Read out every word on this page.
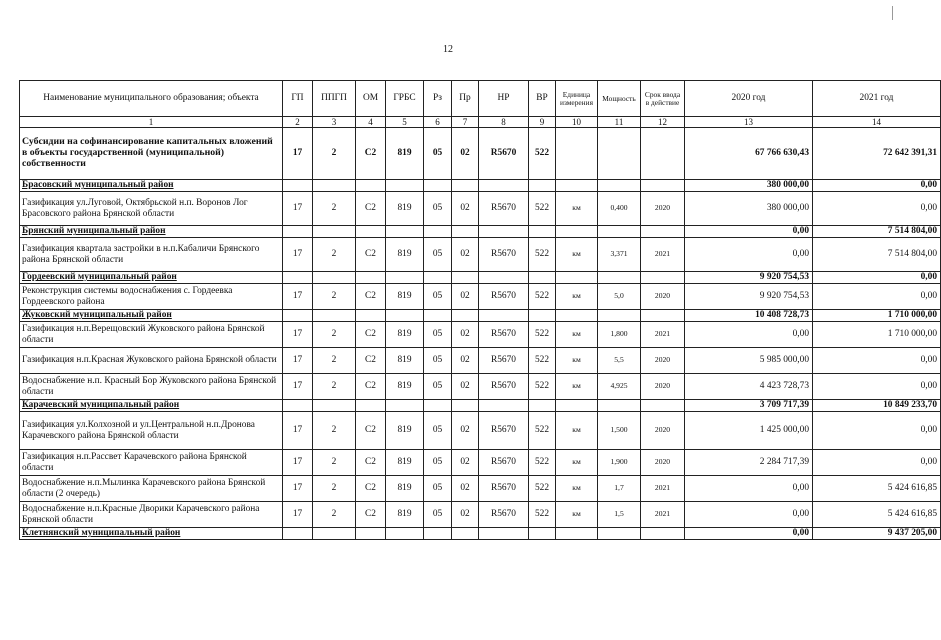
12
Наименование муниципального образования; объекта	ГП	ППГП	ОМ	ГРБС	Рз	Пр	НР	ВР	Единица измерения	Мощность	Срок ввода в действие	2020 год	2021 год
1	2	3	4	5	6	7	8	9	10	11	12	13	14
Субсидии на софинансирование капитальных вложений в объекты государственной (муниципальной) собственности	17	2	С2	819	05	02	R5670	522				67 766 630,43	72 642 391,31
Брасовский муниципальный район												380 000,00	0,00
Газификация ул.Луговой, Октябрьской н.п. Воронов Лог Брасовского района Брянской области	17	2	С2	819	05	02	R5670	522	км	0,400	2020	380 000,00	0,00
Брянский муниципальный район												0,00	7 514 804,00
Газификация квартала застройки в н.п.Кабаличи Брянского района Брянской области	17	2	С2	819	05	02	R5670	522	км	3,371	2021	0,00	7 514 804,00
Гордеевский муниципальный район												9 920 754,53	0,00
Реконструкция системы водоснабжения с. Гордеевка Гордеевского района	17	2	С2	819	05	02	R5670	522	км	5,0	2020	9 920 754,53	0,00
Жуковский муниципальный район												10 408 728,73	1 710 000,00
Газификация н.п.Верещовский Жуковского района Брянской области	17	2	С2	819	05	02	R5670	522	км	1,800	2021	0,00	1 710 000,00
Газификация н.п.Красная Жуковского района Брянской области	17	2	С2	819	05	02	R5670	522	км	5,5	2020	5 985 000,00	0,00
Водоснабжение н.п. Красный Бор Жуковского района Брянской области	17	2	С2	819	05	02	R5670	522	км	4,925	2020	4 423 728,73	0,00
Карачевский муниципальный район												3 709 717,39	10 849 233,70
Газификация ул.Колхозной и ул.Центральной н.п.Дронова Карачевского района Брянской области	17	2	С2	819	05	02	R5670	522	км	1,500	2020	1 425 000,00	0,00
Газификация н.п.Рассвет Карачевского района Брянской области	17	2	С2	819	05	02	R5670	522	км	1,900	2020	2 284 717,39	0,00
Водоснабжение н.п.Мылинка Карачевского района Брянской области (2 очередь)	17	2	С2	819	05	02	R5670	522	км	1,7	2021	0,00	5 424 616,85
Водоснабжение н.п.Красные Дворики Карачевского района Брянской области	17	2	С2	819	05	02	R5670	522	км	1,5	2021	0,00	5 424 616,85
Клетнянский муниципальный район												0,00	9 437 205,00
